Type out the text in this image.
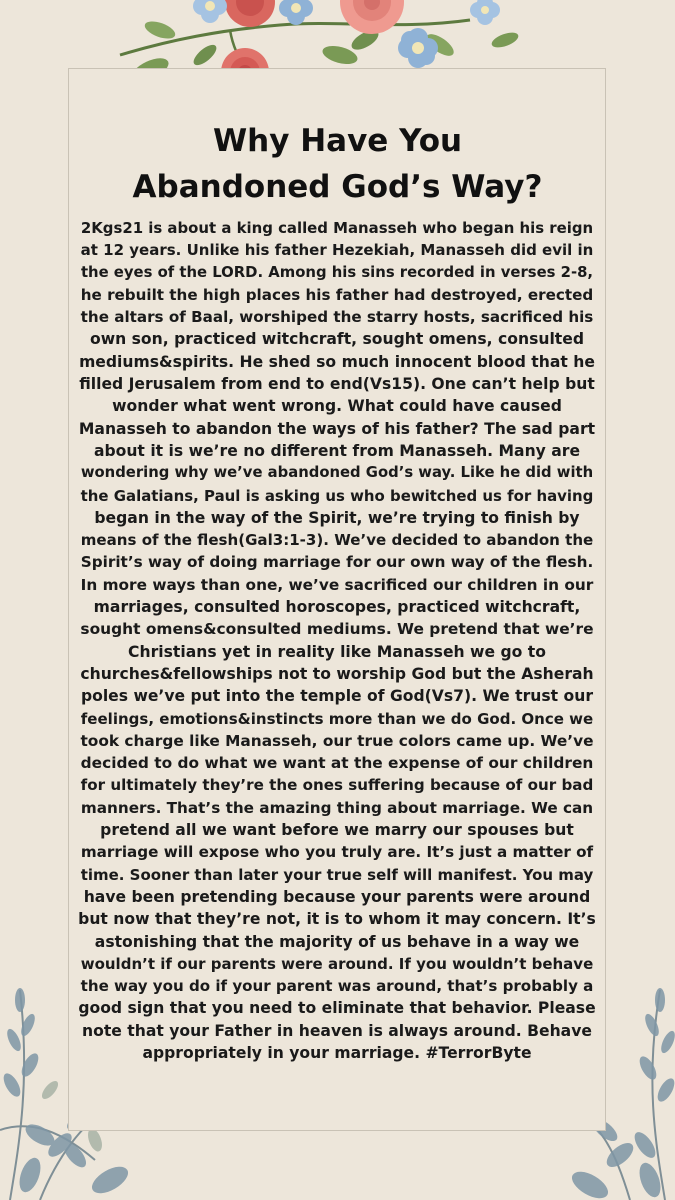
Why Have You
Abandoned God’s Way?
2Kgs21 is about a king called Manasseh who began his reign
at 12 years. Unlike his father Hezekiah, Manasseh did evil in
the eyes of the LORD. Among his sins recorded in verses 2-8,
he rebuilt the high places his father had destroyed, erected
the altars of Baal, worshiped the starry hosts, sacrificed his
own son, practiced witchcraft, sought omens, consulted
mediums&spirits. He shed so much innocent blood that he
filled Jerusalem from end to end(Vs15). One can’t help but
wonder what went wrong. What could have caused
Manasseh to abandon the ways of his father? The sad part
about it is we’re no different from Manasseh. Many are
wondering why we’ve abandoned God’s way. Like he did with
the Galatians, Paul is asking us who bewitched us for having
began in the way of the Spirit, we’re trying to finish by
means of the flesh(Gal3:1-3). We’ve decided to abandon the
Spirit’s way of doing marriage for our own way of the flesh.
In more ways than one, we’ve sacrificed our children in our
marriages, consulted horoscopes, practiced witchcraft,
sought omens&consulted mediums. We pretend that we’re
Christians yet in reality like Manasseh we go to
churches&fellowships not to worship God but the Asherah
poles we’ve put into the temple of God(Vs7). We trust our
feelings, emotions&instincts more than we do God. Once we
took charge like Manasseh, our true colors came up. We’ve
decided to do what we want at the expense of our children
for ultimately they’re the ones suffering because of our bad
manners. That’s the amazing thing about marriage. We can
pretend all we want before we marry our spouses but
marriage will expose who you truly are. It’s just a matter of
time. Sooner than later your true self will manifest. You may
have been pretending because your parents were around
but now that they’re not, it is to whom it may concern. It’s
astonishing that the majority of us behave in a way we
wouldn’t if our parents were around. If you wouldn’t behave
the way you do if your parent was around, that’s probably a
good sign that you need to eliminate that behavior. Please
note that your Father in heaven is always around. Behave
appropriately in your marriage. #TerrorByte
